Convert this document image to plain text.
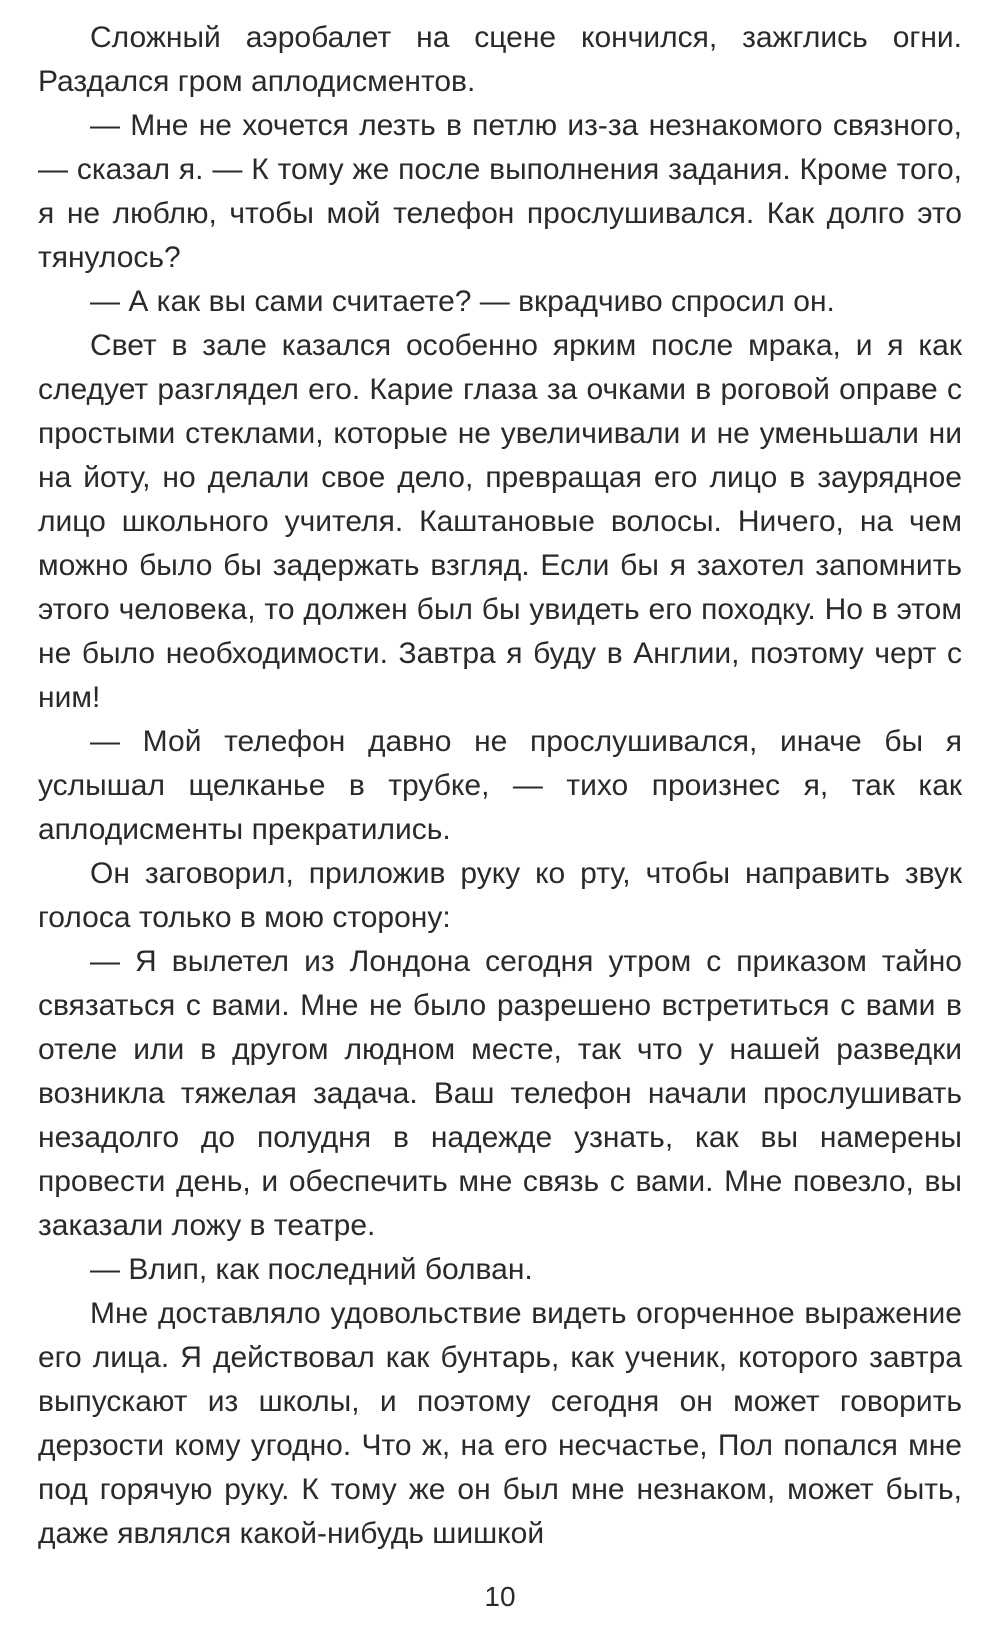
Сложный аэробалет на сцене кончился, зажглись огни. Раздался гром аплодисментов.

— Мне не хочется лезть в петлю из-за незнакомого связного, — сказал я. — К тому же после выполнения задания. Кроме того, я не люблю, чтобы мой телефон прослушивался. Как долго это тянулось?

— А как вы сами считаете? — вкрадчиво спросил он.

Свет в зале казался особенно ярким после мрака, и я как следует разглядел его. Карие глаза за очками в роговой оправе с простыми стеклами, которые не увеличивали и не уменьшали ни на йоту, но делали свое дело, превращая его лицо в заурядное лицо школьного учителя. Каштановые волосы. Ничего, на чем можно было бы задержать взгляд. Если бы я захотел запомнить этого человека, то должен был бы увидеть его походку. Но в этом не было необходимости. Завтра я буду в Англии, поэтому черт с ним!

— Мой телефон давно не прослушивался, иначе бы я услышал щелканье в трубке, — тихо произнес я, так как аплодисменты прекратились.

Он заговорил, приложив руку ко рту, чтобы направить звук голоса только в мою сторону:

— Я вылетел из Лондона сегодня утром с приказом тайно связаться с вами. Мне не было разрешено встретиться с вами в отеле или в другом людном месте, так что у нашей разведки возникла тяжелая задача. Ваш телефон начали прослушивать незадолго до полудня в надежде узнать, как вы намерены провести день, и обеспечить мне связь с вами. Мне повезло, вы заказали ложу в театре.

— Влип, как последний болван.

Мне доставляло удовольствие видеть огорченное выражение его лица. Я действовал как бунтарь, как ученик, которого завтра выпускают из школы, и поэтому сегодня он может говорить дерзости кому угодно. Что ж, на его несчастье, Пол попался мне под горячую руку. К тому же он был мне незнаком, может быть, даже являлся какой-нибудь шишкой

10
